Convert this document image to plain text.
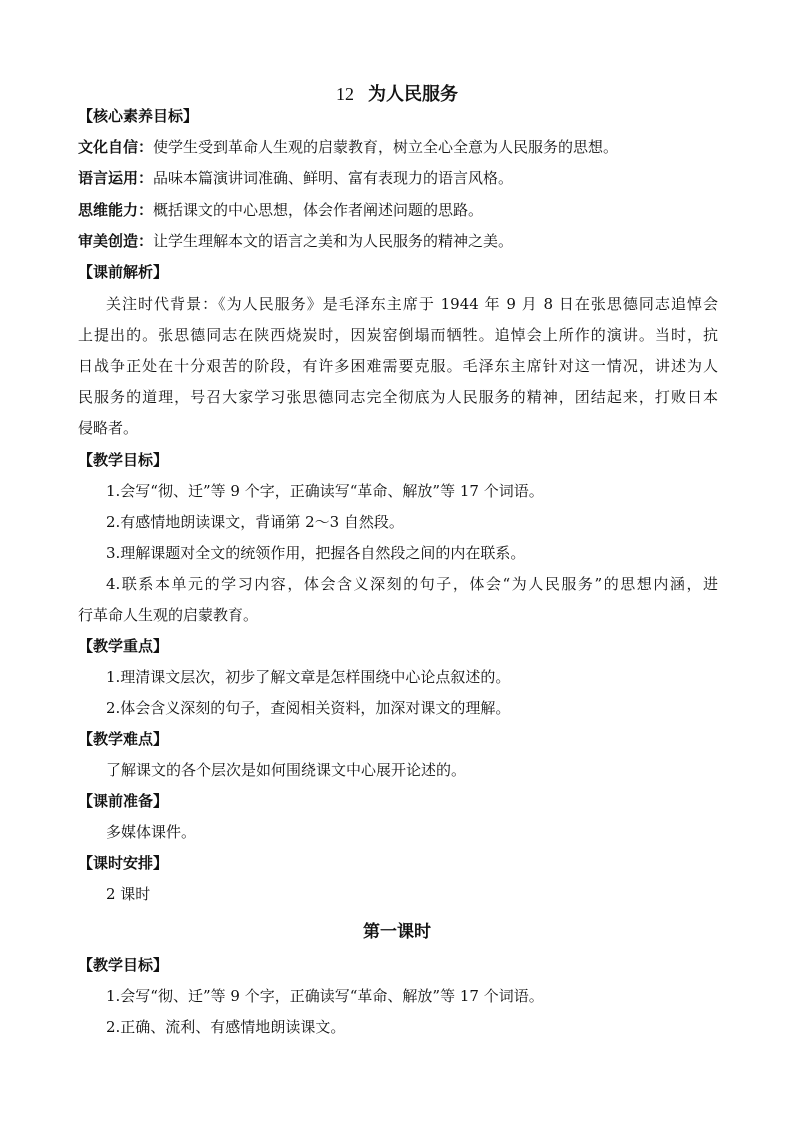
12 为人民服务
【核心素养目标】
文化自信：使学生受到革命人生观的启蒙教育，树立全心全意为人民服务的思想。
语言运用：品味本篇演讲词准确、鲜明、富有表现力的语言风格。
思维能力：概括课文的中心思想，体会作者阐述问题的思路。
审美创造：让学生理解本文的语言之美和为人民服务的精神之美。
【课前解析】
关注时代背景：《为人民服务》是毛泽东主席于 1944 年 9 月 8 日在张思德同志追悼会
上提出的。张思德同志在陕西烧炭时，因炭窑倒塌而牺牲。追悼会上所作的演讲。当时，抗
日战争正处在十分艰苦的阶段，有许多困难需要克服。毛泽东主席针对这一情况，讲述为人
民服务的道理，号召大家学习张思德同志完全彻底为人民服务的精神，团结起来，打败日本
侵略者。
【教学目标】
1.会写“彻、迁”等 9 个字，正确读写“革命、解放”等 17 个词语。
2.有感情地朗读课文，背诵第 2～3 自然段。
3.理解课题对全文的统领作用，把握各自然段之间的内在联系。
4.联系本单元的学习内容，体会含义深刻的句子，体会“为人民服务”的思想内涵，进
行革命人生观的启蒙教育。
【教学重点】
1.理清课文层次，初步了解文章是怎样围绕中心论点叙述的。
2.体会含义深刻的句子，查阅相关资料，加深对课文的理解。
【教学难点】
了解课文的各个层次是如何围绕课文中心展开论述的。
【课前准备】
多媒体课件。
【课时安排】
2 课时
第一课时
【教学目标】
1.会写“彻、迁”等 9 个字，正确读写“革命、解放”等 17 个词语。
2.正确、流利、有感情地朗读课文。
